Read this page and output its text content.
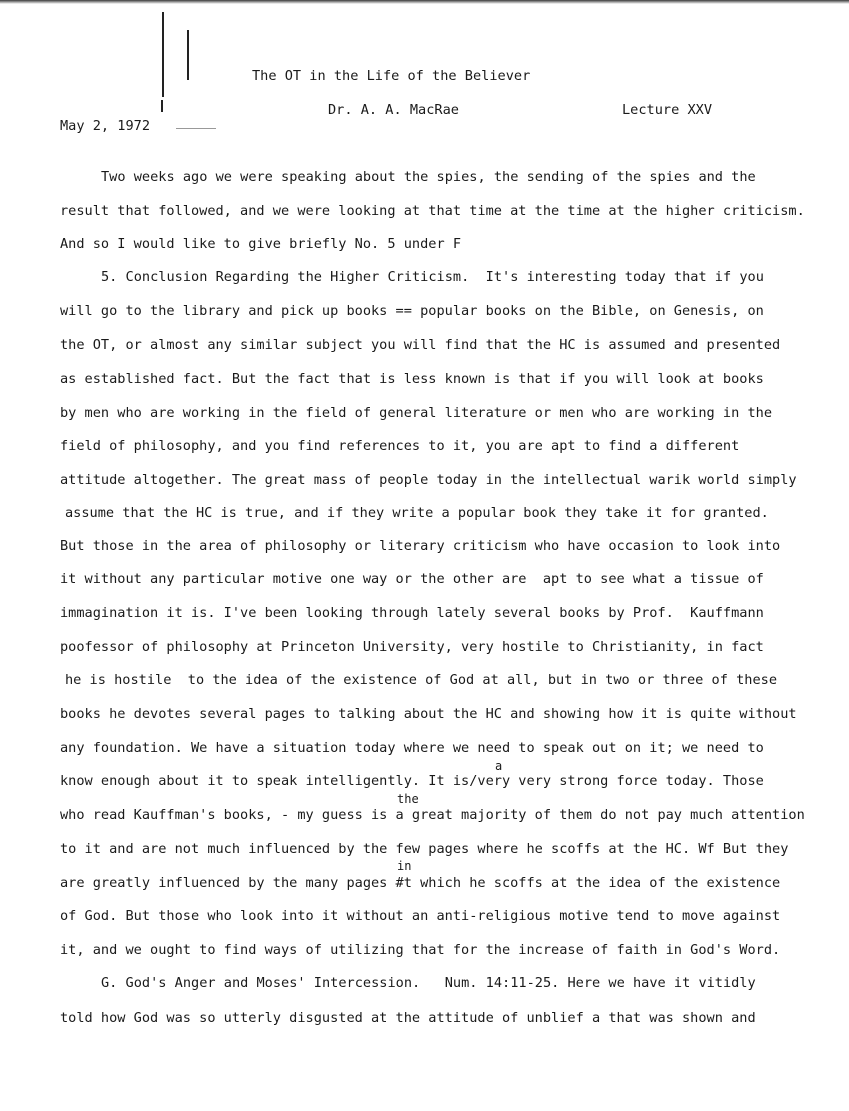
The OT in the Life of the Believer
Dr. A. A. MacRae	Lecture XXV
May 2, 1972
Two weeks ago we were speaking about the spies, the sending of the spies and the
result that followed, and we were looking at that time at the time at the higher criticism.
And so I would like to give briefly No. 5 under F
5. Conclusion Regarding the Higher Criticism.  It's interesting today that if you
will go to the library and pick up books == popular books on the Bible, on Genesis, on
the OT, or almost any similar subject you will find that the HC is assumed and presented
as established fact. But the fact that is less known is that if you will look at books
by men who are working in the field of general literature or men who are working in the
field of philosophy, and you find references to it, you are apt to find a different
attitude altogether. The great mass of people today in the intellectual warik world simply
assume that the HC is true, and if they write a popular book they take it for granted.
But those in the area of philosophy or literary criticism who have occasion to look into
it without any particular motive one way or the other are  apt to see what a tissue of
immagination it is. I've been looking through lately several books by Prof.  Kauffmann
poofessor of philosophy at Princeton University, very hostile to Christianity, in fact
he is hostile  to the idea of the existence of God at all, but in two or three of these
books he devotes several pages to talking about the HC and showing how it is quite without
any foundation. We have a situation today where we need to speak out on it; we need to
a
know enough about it to speak intelligently. It is/very very strong force today. Those
the
who read Kauffman's books, - my guess is a great majority of them do not pay much attention
to it and are not much influenced by the few pages where he scoffs at the HC. Wf But they
in
are greatly influenced by the many pages #t which he scoffs at the idea of the existence
of God. But those who look into it without an anti-religious motive tend to move against
it, and we ought to find ways of utilizing that for the increase of faith in God's Word.
G. God's Anger and Moses' Intercession.   Num. 14:11-25. Here we have it vitidly
told how God was so utterly disgusted at the attitude of unblief a that was shown and
